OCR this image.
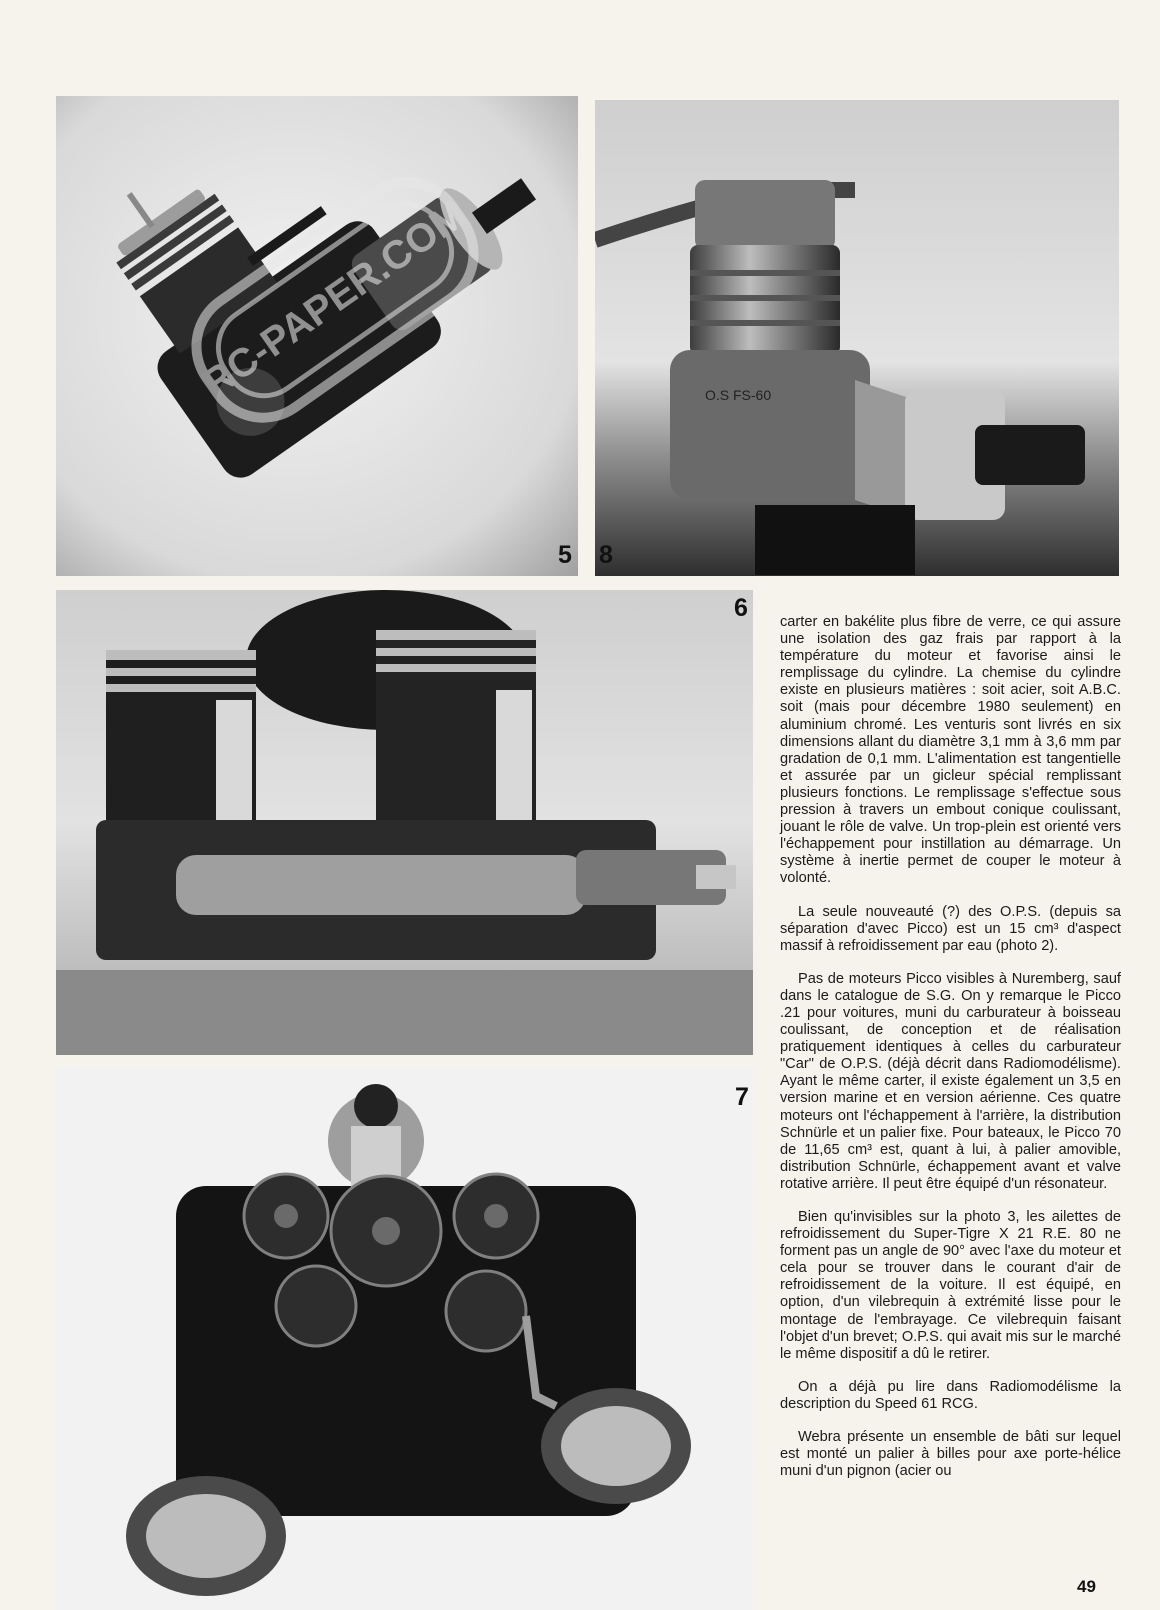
5
RC-PAPER.COM	O.S FS-60
8
6
7

carter en bakélite plus fibre de verre, ce qui assure une isolation des gaz frais par rapport à la température du moteur et favorise ainsi le remplissage du cylindre. La chemise du cylindre existe en plusieurs matières : soit acier, soit A.B.C. soit (mais pour décembre 1980 seulement) en aluminium chromé. Les venturis sont livrés en six dimensions allant du diamètre 3,1 mm à 3,6 mm par gradation de 0,1 mm. L'alimentation est tangentielle et assurée par un gicleur spécial remplissant plusieurs fonctions. Le remplissage s'effectue sous pression à travers un embout conique coulissant, jouant le rôle de valve. Un trop-plein est orienté vers l'échappement pour instillation au démarrage. Un système à inertie permet de couper le moteur à volonté.

La seule nouveauté (?) des O.P.S. (depuis sa séparation d'avec Picco) est un 15 cm³ d'aspect massif à refroidissement par eau (photo 2).

Pas de moteurs Picco visibles à Nuremberg, sauf dans le catalogue de S.G. On y remarque le Picco .21 pour voitures, muni du carburateur à boisseau coulissant, de conception et de réalisation pratiquement identiques à celles du carburateur "Car" de O.P.S. (déjà décrit dans Radiomodélisme). Ayant le même carter, il existe également un 3,5 en version marine et en version aérienne. Ces quatre moteurs ont l'échappement à l'arrière, la distribution Schnürle et un palier fixe. Pour bateaux, le Picco 70 de 11,65 cm³ est, quant à lui, à palier amovible, distribution Schnürle, échappement avant et valve rotative arrière. Il peut être équipé d'un résonateur.

Bien qu'invisibles sur la photo 3, les ailettes de refroidissement du Super-Tigre X 21 R.E. 80 ne forment pas un angle de 90° avec l'axe du moteur et cela pour se trouver dans le courant d'air de refroidissement de la voiture. Il est équipé, en option, d'un vilebrequin à extrémité lisse pour le montage de l'embrayage. Ce vilebrequin faisant l'objet d'un brevet; O.P.S. qui avait mis sur le marché le même dispositif a dû le retirer.

On a déjà pu lire dans Radiomodélisme la description du Speed 61 RCG.

Webra présente un ensemble de bâti sur lequel est monté un palier à billes pour axe porte-hélice muni d'un pignon (acier ou

49
